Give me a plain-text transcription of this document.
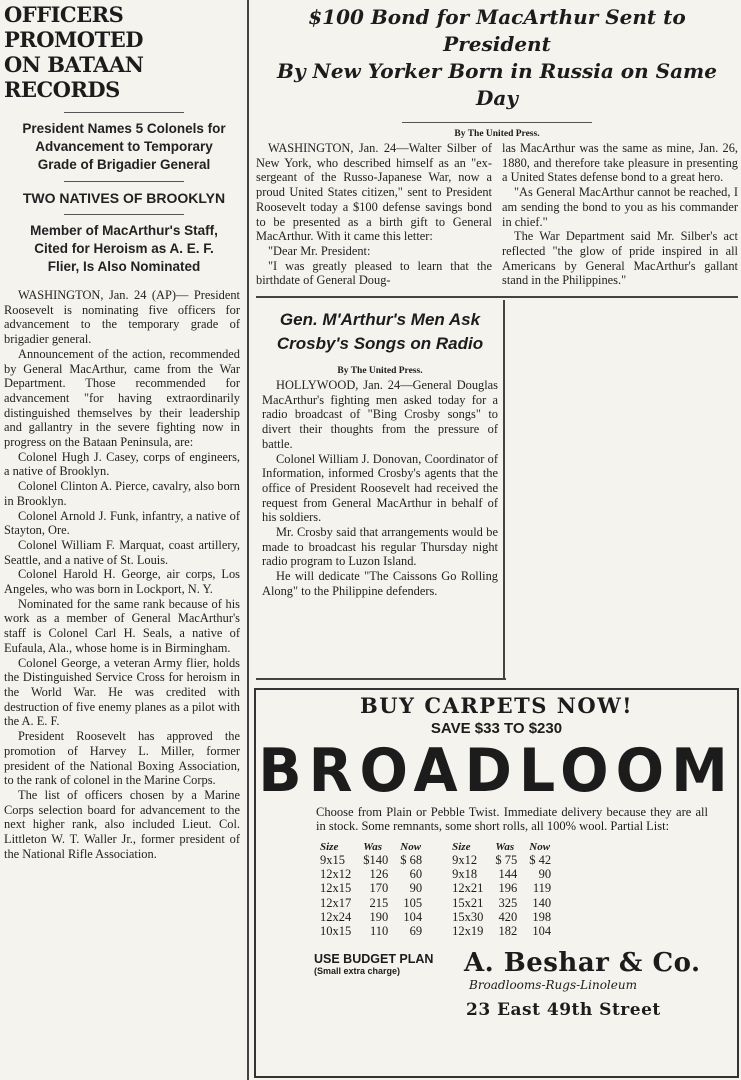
OFFICERS PROMOTED
ON BATAAN RECORDS
President Names 5 Colonels for
Advancement to Temporary
Grade of Brigadier General
TWO NATIVES OF BROOKLYN
Member of MacArthur's Staff,
Cited for Heroism as A. E. F.
Flier, Is Also Nominated

WASHINGTON, Jan. 24 (AP)— President Roosevelt is nominating five officers for advancement to the temporary grade of brigadier general.

Announcement of the action, recommended by General MacArthur, came from the War Department. Those recommended for advancement "for having extraordinarily distinguished themselves by their leadership and gallantry in the severe fighting now in progress on the Bataan Peninsula, are:

Colonel Hugh J. Casey, corps of engineers, a native of Brooklyn.

Colonel Clinton A. Pierce, cavalry, also born in Brooklyn.

Colonel Arnold J. Funk, infantry, a native of Stayton, Ore.

Colonel William F. Marquat, coast artillery, Seattle, and a native of St. Louis.

Colonel Harold H. George, air corps, Los Angeles, who was born in Lockport, N. Y.

Nominated for the same rank because of his work as a member of General MacArthur's staff is Colonel Carl H. Seals, a native of Eufaula, Ala., whose home is in Birmingham.

Colonel George, a veteran Army flier, holds the Distinguished Service Cross for heroism in the World War. He was credited with destruction of five enemy planes as a pilot with the A. E. F.

President Roosevelt has approved the promotion of Harvey L. Miller, former president of the National Boxing Association, to the rank of colonel in the Marine Corps.

The list of officers chosen by a Marine Corps selection board for advancement to the next higher rank, also included Lieut. Col. Littleton W. T. Waller Jr., former president of the National Rifle Association.

$100 Bond for MacArthur Sent to President
By New Yorker Born in Russia on Same Day
By The United Press.

WASHINGTON, Jan. 24—Walter Silber of New York, who described himself as an "ex-sergeant of the Russo-Japanese War, now a proud United States citizen," sent to President Roosevelt today a $100 defense savings bond to be presented as a birth gift to General MacArthur. With it came this letter:

"Dear Mr. President:

"I was greatly pleased to learn that the birthdate of General Doug-

las MacArthur was the same as mine, Jan. 26, 1880, and therefore take pleasure in presenting a United States defense bond to a great hero.

"As General MacArthur cannot be reached, I am sending the bond to you as his commander in chief."

The War Department said Mr. Silber's act reflected "the glow of pride inspired in all Americans by General MacArthur's gallant stand in the Philippines."

Gen. M'Arthur's Men Ask
Crosby's Songs on Radio
By The United Press.

HOLLYWOOD, Jan. 24—General Douglas MacArthur's fighting men asked today for a radio broadcast of "Bing Crosby songs" to divert their thoughts from the pressure of battle.

Colonel William J. Donovan, Coordinator of Information, informed Crosby's agents that the office of President Roosevelt had received the request from General MacArthur in behalf of his soldiers.

Mr. Crosby said that arrangements would be made to broadcast his regular Thursday night radio program to Luzon Island.

He will dedicate "The Caissons Go Rolling Along" to the Philippine defenders.

BUY CARPETS NOW!
SAVE $33 TO $230
BROADLOOM
Choose from Plain or Pebble Twist. Immediate delivery because they are all in stock. Some remnants, some short rolls, all 100% wool. Partial List:
Size	Was	Now
9x15	$140	$ 68
12x12	126	60
12x15	170	90
12x17	215	105
12x24	190	104
10x15	110	69
Size	Was	Now
9x12	$ 75	$ 42
9x18	144	90
12x21	196	119
15x21	325	140
15x30	420	198
12x19	182	104
USE BUDGET PLAN
(Small extra charge)	A. Beshar & Co.
Broadlooms-Rugs-Linoleum
23 East 49th Street
